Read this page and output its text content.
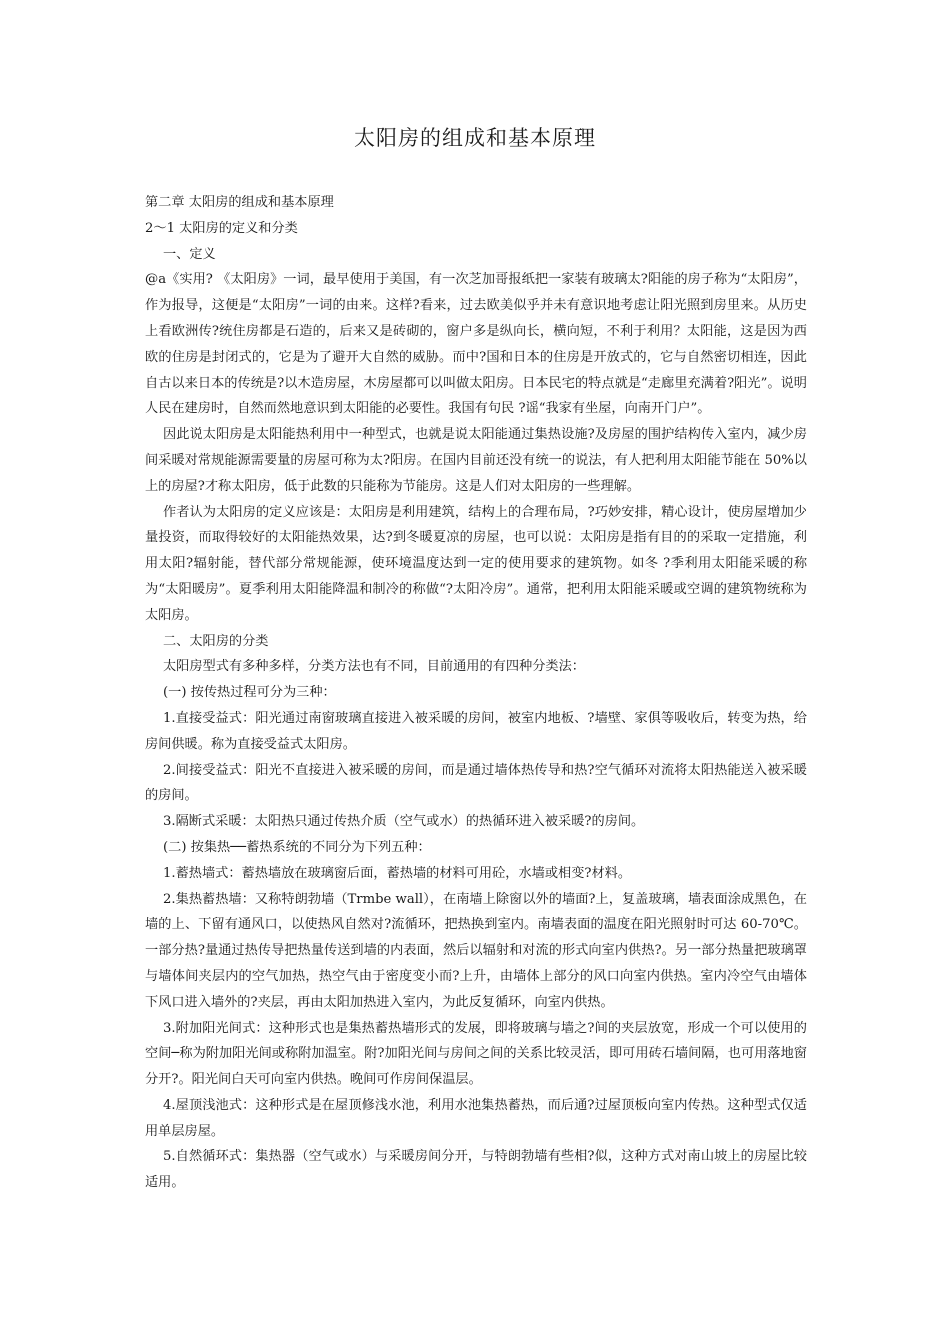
太阳房的组成和基本原理

第二章 太阳房的组成和基本原理

2～1 太阳房的定义和分类

一、定义

@a《实用? 《太阳房》一词，最早使用于美国，有一次芝加哥报纸把一家装有玻璃太?阳能的房子称为“太阳房”，作为报导，这便是“太阳房”一词的由来。这样?看来，过去欧美似乎并未有意识地考虑让阳光照到房里来。从历史上看欧洲传?统住房都是石造的，后来又是砖砌的，窗户多是纵向长，横向短，不利于利用？太阳能，这是因为西欧的住房是封闭式的，它是为了避开大自然的威胁。而中?国和日本的住房是开放式的，它与自然密切相连，因此自古以来日本的传统是?以木造房屋，木房屋都可以叫做太阳房。日本民宅的特点就是“走廊里充满着?阳光”。说明人民在建房时，自然而然地意识到太阳能的必要性。我国有句民 ?谣“我家有坐屋，向南开门户”。

因此说太阳房是太阳能热利用中一种型式，也就是说太阳能通过集热设施?及房屋的围护结构传入室内，减少房间采暖对常规能源需要量的房屋可称为太?阳房。在国内目前还没有统一的说法，有人把利用太阳能节能在 50%以上的房屋?才称太阳房，低于此数的只能称为节能房。这是人们对太阳房的一些理解。

作者认为太阳房的定义应该是：太阳房是利用建筑，结构上的合理布局，?巧妙安排，精心设计，使房屋增加少量投资，而取得较好的太阳能热效果，达?到冬暖夏凉的房屋，也可以说：太阳房是指有目的的采取一定措施，利用太阳?辐射能，替代部分常规能源，使环境温度达到一定的使用要求的建筑物。如冬 ?季利用太阳能采暖的称为“太阳暖房”。夏季利用太阳能降温和制冷的称做“?太阳冷房”。通常，把利用太阳能采暖或空调的建筑物统称为太阳房。

二、太阳房的分类

太阳房型式有多种多样，分类方法也有不同，目前通用的有四种分类法：

(一) 按传热过程可分为三种：

1.直接受益式：阳光通过南窗玻璃直接进入被采暖的房间，被室内地板、?墙壁、家俱等吸收后，转变为热，给房间供暖。称为直接受益式太阳房。

2.间接受益式：阳光不直接进入被采暖的房间，而是通过墙体热传导和热?空气循环对流将太阳热能送入被采暖的房间。

3.隔断式采暖：太阳热只通过传热介质（空气或水）的热循环进入被采暖?的房间。

(二) 按集热──蓄热系统的不同分为下列五种：

1.蓄热墙式：蓄热墙放在玻璃窗后面，蓄热墙的材料可用砼，水墙或相变?材料。

2.集热蓄热墙：又称特朗勃墙（Trmbe wall），在南墙上除窗以外的墙面?上，复盖玻璃，墙表面涂成黑色，在墙的上、下留有通风口，以使热风自然对?流循环，把热换到室内。南墙表面的温度在阳光照射时可达 60-70℃。一部分热?量通过热传导把热量传送到墙的内表面，然后以辐射和对流的形式向室内供热?。另一部分热量把玻璃罩与墙体间夹层内的空气加热，热空气由于密度变小而?上升，由墙体上部分的风口向室内供热。室内冷空气由墙体下风口进入墙外的?夹层，再由太阳加热进入室内，为此反复循环，向室内供热。

3.附加阳光间式：这种形式也是集热蓄热墙形式的发展，即将玻璃与墙之?间的夹层放宽，形成一个可以使用的空间─称为附加阳光间或称附加温室。附?加阳光间与房间之间的关系比较灵活，即可用砖石墙间隔，也可用落地窗分开?。阳光间白天可向室内供热。晚间可作房间保温层。

4.屋顶浅池式：这种形式是在屋顶修浅水池，利用水池集热蓄热，而后通?过屋顶板向室内传热。这种型式仅适用单层房屋。

5.自然循环式：集热器（空气或水）与采暖房间分开，与特朗勃墙有些相?似，这种方式对南山坡上的房屋比较适用。
